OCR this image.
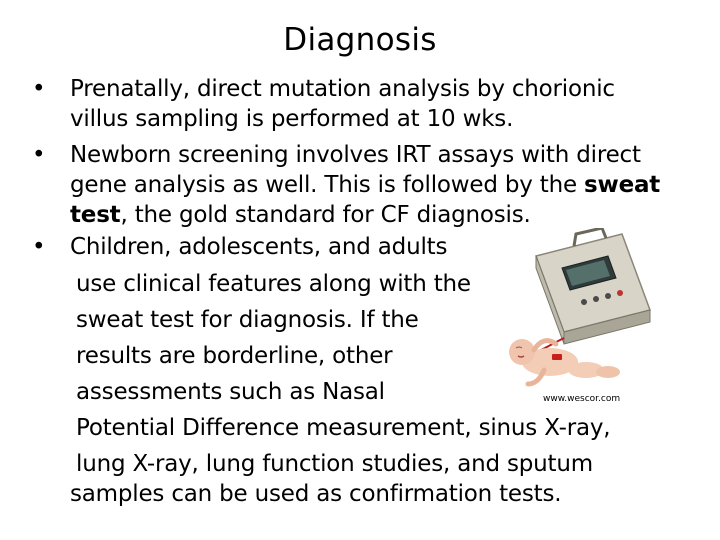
Diagnosis
• Prenatally, direct mutation analysis by chorionic

villus sampling is performed at 10 wks.

• Newborn screening involves IRT assays with direct

gene analysis as well. This is followed by the sweat

test, the gold standard for CF diagnosis.

• Children, adolescents, and adults

use clinical features along with the

sweat test for diagnosis. If the

results are borderline, other

assessments such as Nasal

Potential Difference measurement, sinus X-ray,

lung X-ray, lung function studies, and sputum

samples can be used as confirmation tests.

www.wescor.com
